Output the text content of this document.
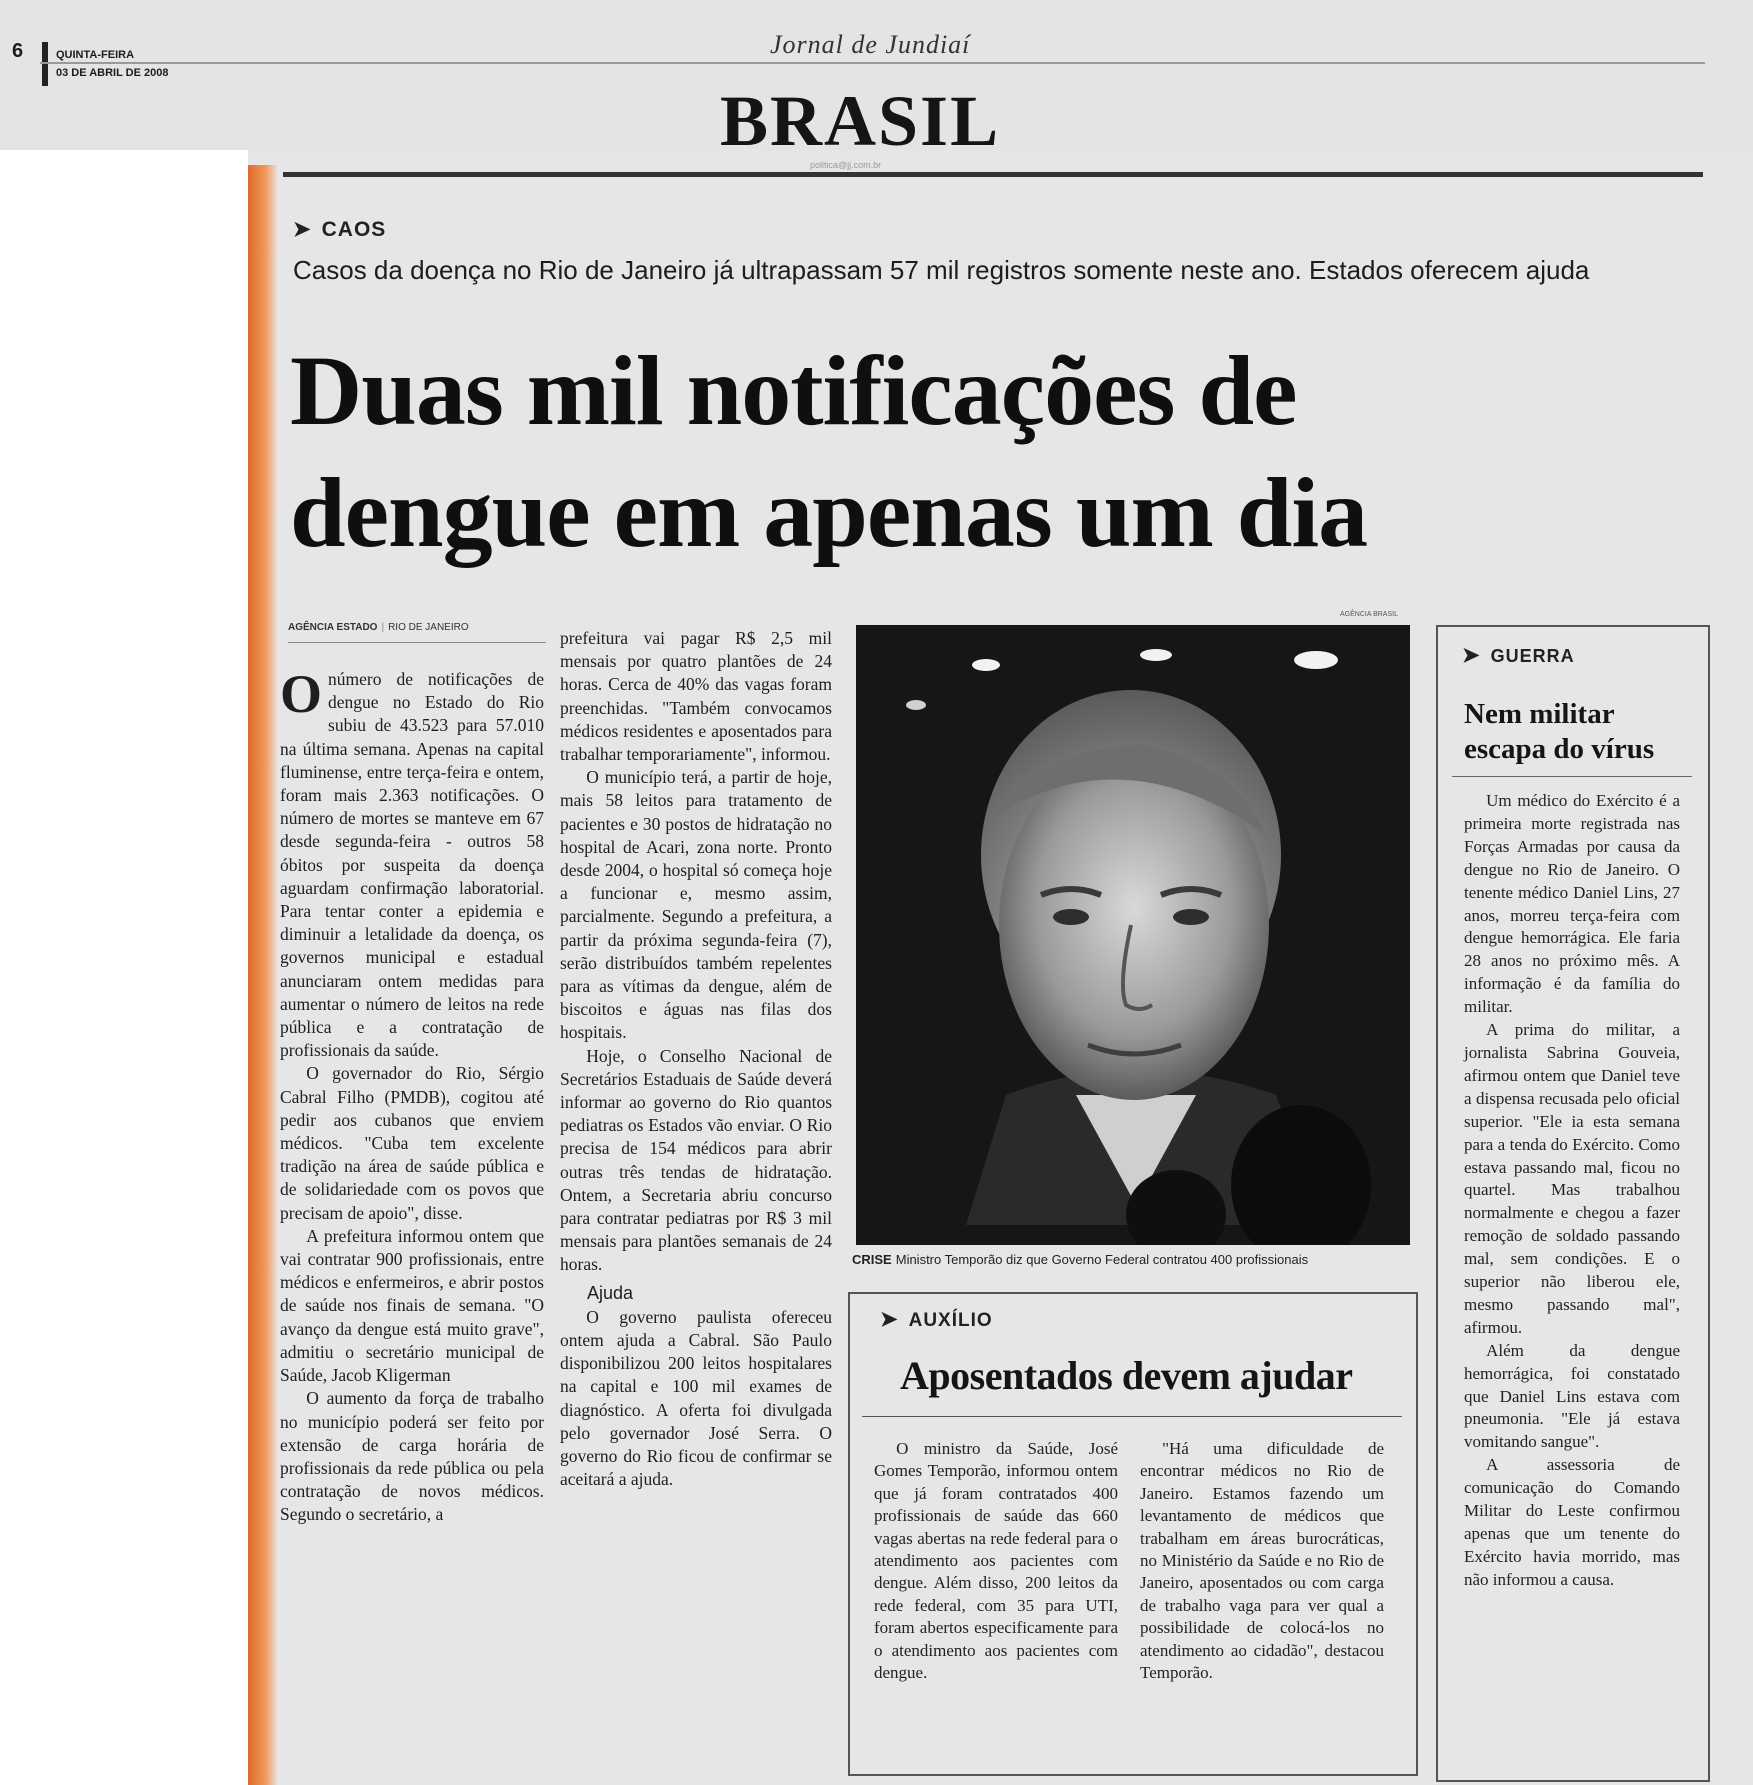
6	QUINTA-FEIRA
03 DE ABRIL DE 2008
Jornal de Jundiaí
BRASIL
politica@jj.com.br
➤ CAOS
Casos da doença no Rio de Janeiro já ultrapassam 57 mil registros somente neste ano. Estados oferecem ajuda
Duas mil notificações de
dengue em apenas um dia
AGÊNCIA ESTADO | RIO DE JANEIRO

Onúmero de notificações de dengue no Estado do Rio subiu de 43.523 para 57.010 na última semana. Apenas na capital fluminense, entre terça-feira e ontem, foram mais 2.363 notificações. O número de mortes se manteve em 67 desde segunda-feira - outros 58 óbitos por suspeita da doença aguardam confirmação laboratorial. Para tentar conter a epidemia e diminuir a letalidade da doença, os governos municipal e estadual anunciaram ontem medidas para aumentar o número de leitos na rede pública e a contratação de profissionais da saúde.

O governador do Rio, Sérgio Cabral Filho (PMDB), cogitou até pedir aos cubanos que enviem médicos. "Cuba tem excelente tradição na área de saúde pública e de solidariedade com os povos que precisam de apoio", disse.

A prefeitura informou ontem que vai contratar 900 profissionais, entre médicos e enfermeiros, e abrir postos de saúde nos finais de semana. "O avanço da dengue está muito grave", admitiu o secretário municipal de Saúde, Jacob Kligerman

O aumento da força de trabalho no município poderá ser feito por extensão de carga horária de profissionais da rede pública ou pela contratação de novos médicos. Segundo o secretário, a

prefeitura vai pagar R$ 2,5 mil mensais por quatro plantões de 24 horas. Cerca de 40% das vagas foram preenchidas. "Também convocamos médicos residentes e aposentados para trabalhar temporariamente", informou.

O município terá, a partir de hoje, mais 58 leitos para tratamento de pacientes e 30 postos de hidratação no hospital de Acari, zona norte. Pronto desde 2004, o hospital só começa hoje a funcionar e, mesmo assim, parcialmente. Segundo a prefeitura, a partir da próxima segunda-feira (7), serão distribuídos também repelentes para as vítimas da dengue, além de biscoitos e águas nas filas dos hospitais.

Hoje, o Conselho Nacional de Secretários Estaduais de Saúde deverá informar ao governo do Rio quantos pediatras os Estados vão enviar. O Rio precisa de 154 médicos para abrir outras três tendas de hidratação. Ontem, a Secretaria abriu concurso para contratar pediatras por R$ 3 mil mensais para plantões semanais de 24 horas.

Ajuda

O governo paulista ofereceu ontem ajuda a Cabral. São Paulo disponibilizou 200 leitos hospitalares na capital e 100 mil exames de diagnóstico. A oferta foi divulgada pelo governador José Serra. O governo do Rio ficou de confirmar se aceitará a ajuda.

AGÊNCIA BRASIL
CRISE Ministro Temporão diz que Governo Federal contratou 400 profissionais
➤ AUXÍLIO
Aposentados devem ajudar

O ministro da Saúde, José Gomes Temporão, informou ontem que já foram contratados 400 profissionais de saúde das 660 vagas abertas na rede federal para o atendimento aos pacientes com dengue. Além disso, 200 leitos da rede federal, com 35 para UTI, foram abertos especificamente para o atendimento aos pacientes com dengue.

"Há uma dificuldade de encontrar médicos no Rio de Janeiro. Estamos fazendo um levantamento de médicos que trabalham em áreas burocráticas, no Ministério da Saúde e no Rio de Janeiro, aposentados ou com carga de trabalho vaga para ver qual a possibilidade de colocá-los no atendimento ao cidadão", destacou Temporão.

➤ GUERRA
Nem militar
escapa do vírus

Um médico do Exército é a primeira morte registrada nas Forças Armadas por causa da dengue no Rio de Janeiro. O tenente médico Daniel Lins, 27 anos, morreu terça-feira com dengue hemorrágica. Ele faria 28 anos no próximo mês. A informação é da família do militar.

A prima do militar, a jornalista Sabrina Gouveia, afirmou ontem que Daniel teve a dispensa recusada pelo oficial superior. "Ele ia esta semana para a tenda do Exército. Como estava passando mal, ficou no quartel. Mas trabalhou normalmente e chegou a fazer remoção de soldado passando mal, sem condições. E o superior não liberou ele, mesmo passando mal", afirmou.

Além da dengue hemorrágica, foi constatado que Daniel Lins estava com pneumonia. "Ele já estava vomitando sangue".

A assessoria de comunicação do Comando Militar do Leste confirmou apenas que um tenente do Exército havia morrido, mas não informou a causa.
